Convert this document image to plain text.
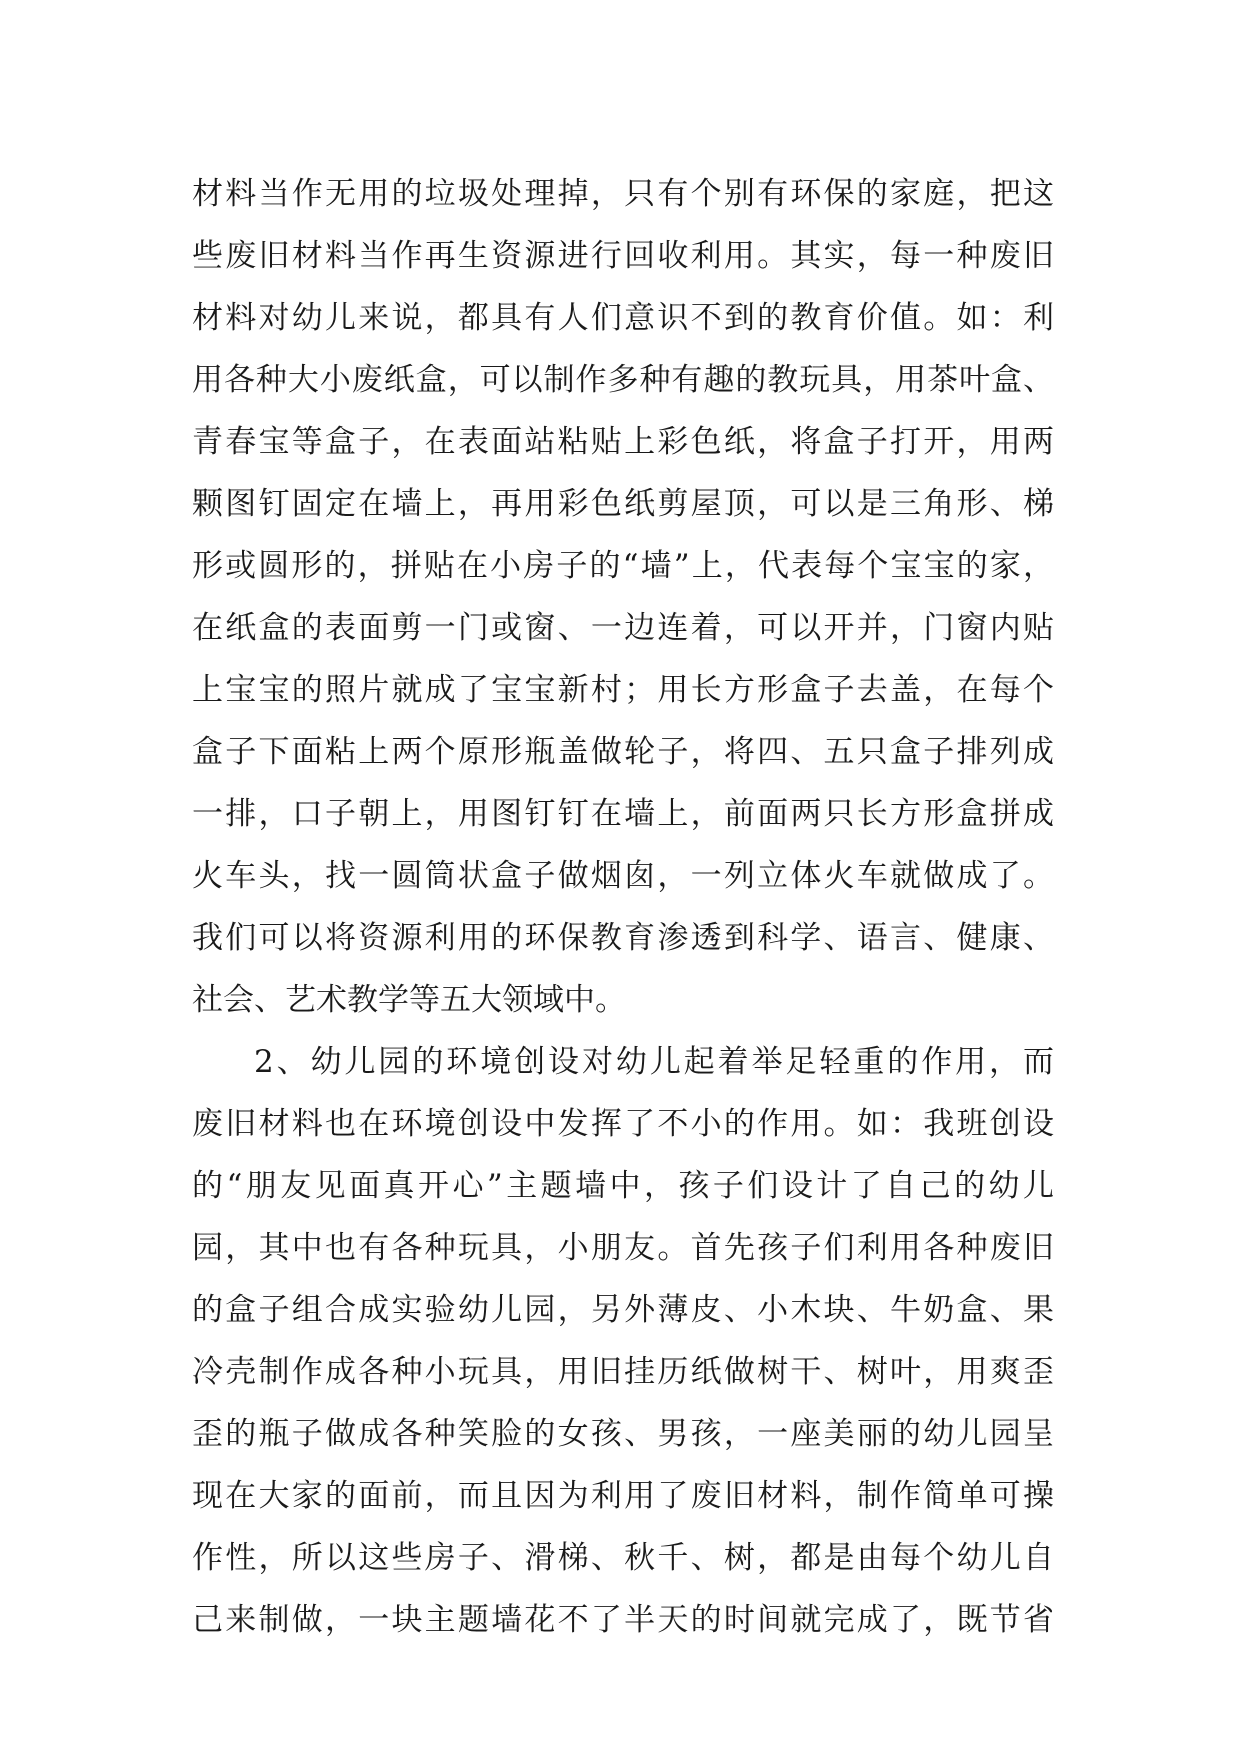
材料当作无用的垃圾处理掉，只有个别有环保的家庭，把这
些废旧材料当作再生资源进行回收利用。其实，每一种废旧
材料对幼儿来说，都具有人们意识不到的教育价值。如：利
用各种大小废纸盒，可以制作多种有趣的教玩具，用茶叶盒、
青春宝等盒子，在表面站粘贴上彩色纸，将盒子打开，用两
颗图钉固定在墙上，再用彩色纸剪屋顶，可以是三角形、梯
形或圆形的，拼贴在小房子的“墙”上，代表每个宝宝的家，
在纸盒的表面剪一门或窗、一边连着，可以开并，门窗内贴
上宝宝的照片就成了宝宝新村；用长方形盒子去盖，在每个
盒子下面粘上两个原形瓶盖做轮子，将四、五只盒子排列成
一排，口子朝上，用图钉钉在墙上，前面两只长方形盒拼成
火车头，找一圆筒状盒子做烟囱，一列立体火车就做成了。
我们可以将资源利用的环保教育渗透到科学、语言、健康、
社会、艺术教学等五大领域中。
2、幼儿园的环境创设对幼儿起着举足轻重的作用，而
废旧材料也在环境创设中发挥了不小的作用。如：我班创设
的“朋友见面真开心”主题墙中，孩子们设计了自己的幼儿
园，其中也有各种玩具，小朋友。首先孩子们利用各种废旧
的盒子组合成实验幼儿园，另外薄皮、小木块、牛奶盒、果
冷壳制作成各种小玩具，用旧挂历纸做树干、树叶，用爽歪
歪的瓶子做成各种笑脸的女孩、男孩，一座美丽的幼儿园呈
现在大家的面前，而且因为利用了废旧材料，制作简单可操
作性，所以这些房子、滑梯、秋千、树，都是由每个幼儿自
己来制做，一块主题墙花不了半天的时间就完成了，既节省
